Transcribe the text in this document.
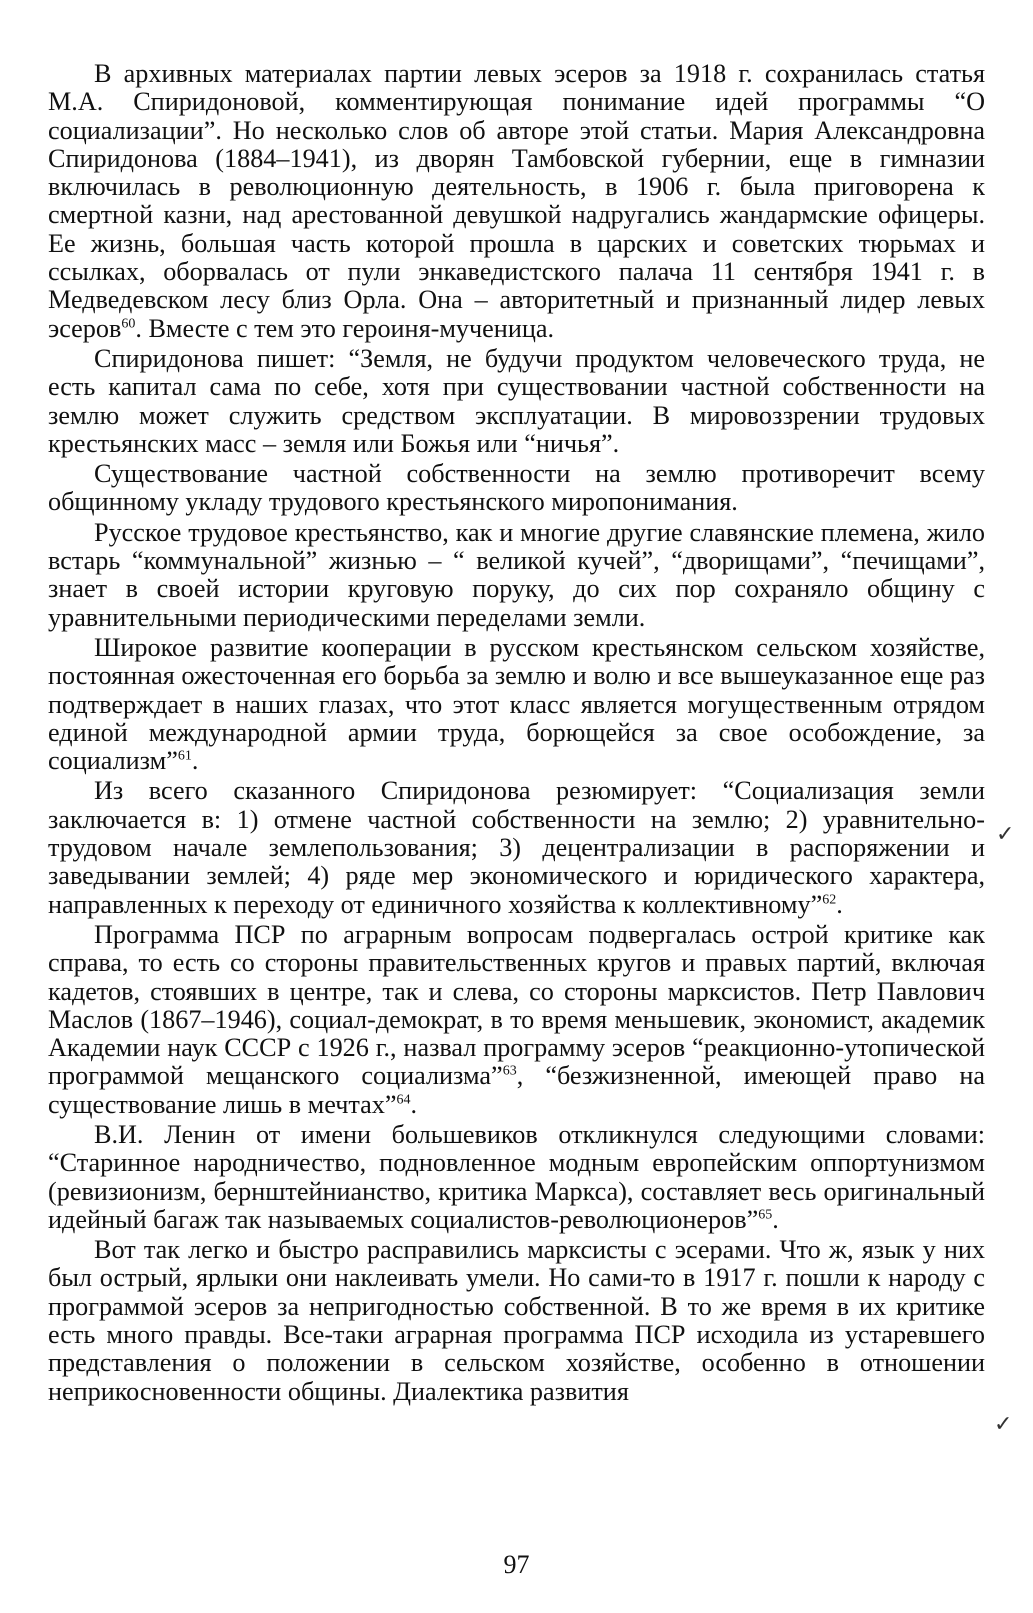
В архивных материалах партии левых эсеров за 1918 г. сохранилась статья М.А. Спиридоновой, комментирующая понимание идей программы “О социализации”. Но несколько слов об авторе этой статьи. Мария Александровна Спиридонова (1884–1941), из дворян Тамбовской губернии, еще в гимназии включилась в революционную деятельность, в 1906 г. была приговорена к смертной казни, над арестованной девушкой надругались жандармские офицеры. Ее жизнь, большая часть которой прошла в царских и советских тюрьмах и ссылках, оборвалась от пули энкаведистского палача 11 сентября 1941 г. в Медведевском лесу близ Орла. Она – авторитетный и признанный лидер левых эсеров$^{60}$. Вместе с тем это героиня-мученица.

Спиридонова пишет: “Земля, не будучи продуктом человеческого труда, не есть капитал сама по себе, хотя при существовании частной собственности на землю может служить средством эксплуатации. В мировоззрении трудовых крестьянских масс – земля или Божья или “ничья”.

Существование частной собственности на землю противоречит всему общинному укладу трудового крестьянского миропонимания.

Русское трудовое крестьянство, как и многие другие славянские племена, жило встарь “коммунальной” жизнью – “ великой кучей”, “дворищами”, “печищами”, знает в своей истории круговую поруку, до сих пор сохраняло общину с уравнительными периодическими переделами земли.

Широкое развитие кооперации в русском крестьянском сельском хозяйстве, постоянная ожесточенная его борьба за землю и волю и все вышеуказанное еще раз подтверждает в наших глазах, что этот класс является могущественным отрядом единой международной армии труда, борющейся за свое особождение, за социализм”$^{61}$.

Из всего сказанного Спиридонова резюмирует: “Социализация земли заключается в: 1) отмене частной собственности на землю; 2) уравнительно-трудовом начале землепользования; 3) децентрализации в распоряжении и заведывании землей; 4) ряде мер экономического и юридического характера, направленных к переходу от единичного хозяйства к коллективному”$^{62}$.

Программа ПСР по аграрным вопросам подвергалась острой критике как справа, то есть со стороны правительственных кругов и правых партий, включая кадетов, стоявших в центре, так и слева, со стороны марксистов. Петр Павлович Маслов (1867–1946), социал-демократ, в то время меньшевик, экономист, академик Академии наук СССР с 1926 г., назвал программу эсеров “реакционно-утопической программой мещанского социализма”$^{63}$, “безжизненной, имеющей право на существование лишь в мечтах”$^{64}$.

В.И. Ленин от имени большевиков откликнулся следующими словами: “Старинное народничество, подновленное модным европейским оппортунизмом (ревизионизм, бернштейнианство, критика Маркса), составляет весь оригинальный идейный багаж так называемых социалистов-революционеров”$^{65}$.

Вот так легко и быстро расправились марксисты с эсерами. Что ж, язык у них был острый, ярлыки они наклеивать умели. Но сами-то в 1917 г. пошли к народу с программой эсеров за непригодностью собственной. В то же время в их критике есть много правды. Все-таки аграрная программа ПСР исходила из устаревшего представления о положении в сельском хозяйстве, особенно в отношении неприкосновенности общины. Диалектика развития

✓
✓
97
